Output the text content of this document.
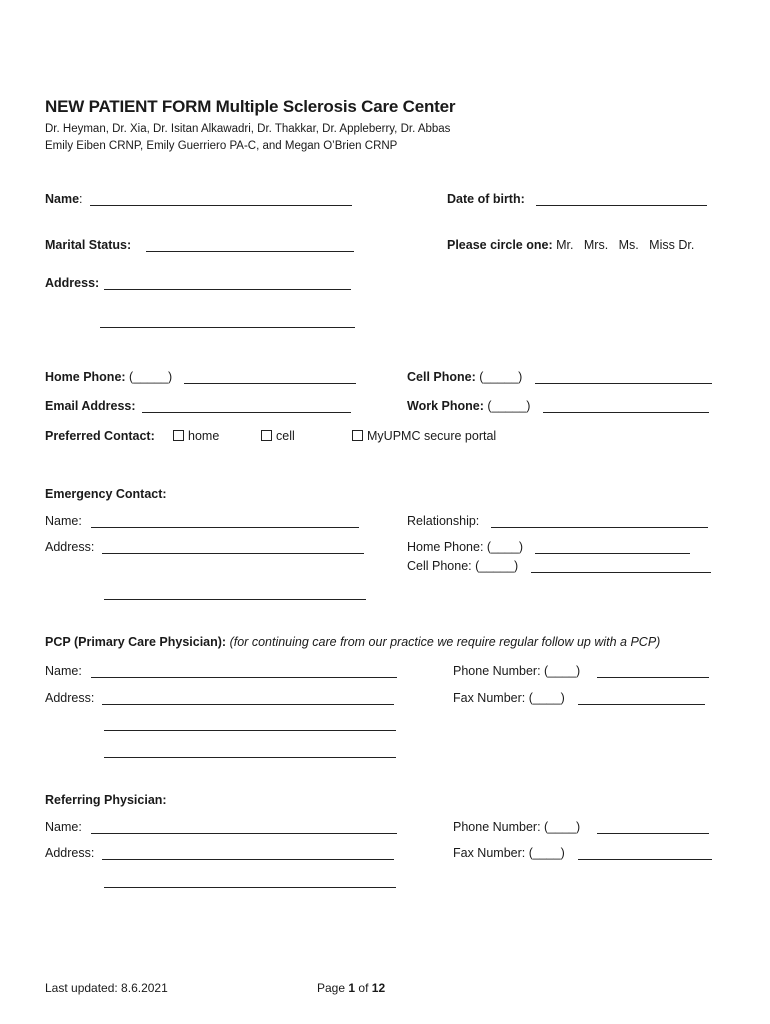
NEW PATIENT FORM Multiple Sclerosis Care Center
Dr. Heyman, Dr. Xia, Dr. Isitan Alkawadri, Dr. Thakkar, Dr. Appleberry, Dr. Abbas
Emily Eiben CRNP, Emily Guerriero PA-C, and Megan O’Brien CRNP
Name:	Date of birth:
Marital Status:	Please circle one: Mr.   Mrs.   Ms.   Miss Dr.
Address:
Home Phone: (_____)	Cell Phone: (_____)
Email Address:	Work Phone: (_____)
Preferred Contact:	home	cell	MyUPMC secure portal
Emergency Contact:
Name:	Relationship:
Address:	Home Phone: (____)
Cell Phone: (_____)
PCP (Primary Care Physician): (for continuing care from our practice we require regular follow up with a PCP)
Name:	Phone Number: (____)
Address:	Fax Number: (____)
Referring Physician:
Name:	Phone Number: (____)
Address:	Fax Number: (____)
Last updated: 8.6.2021	Page 1 of 12
